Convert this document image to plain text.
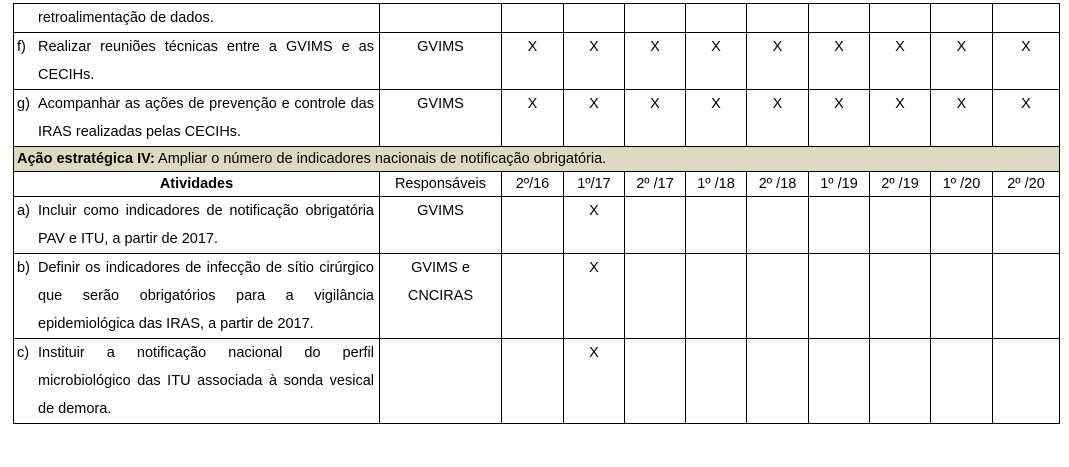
retroalimentação de dados.										

f) Realizar reuniões técnicas entre a GVIMS e as CECIHs.	GVIMS	X	X	X	X	X	X	X	X	X

g) Acompanhar as ações de prevenção e controle das IRAS realizadas pelas CECIHs.	GVIMS	X	X	X	X	X	X	X	X	X
Ação estratégica IV: Ampliar o número de indicadores nacionais de notificação obrigatória.										
Atividades	Responsáveis	2º/16	1º/17	2º /17	1º /18	2º /18	1º /19	2º /19	1º /20	2º /20

a) Incluir como indicadores de notificação obrigatória PAV e ITU, a partir de 2017.	GVIMS		X							

b) Definir os indicadores de infecção de sítio cirúrgico que serão obrigatórios para a vigilância epidemiológica das IRAS, a partir de 2017.	GVIMS e CNCIRAS		X							

c) Instituir a notificação nacional do perfil microbiológico das ITU associada à sonda vesical de demora.			X							
